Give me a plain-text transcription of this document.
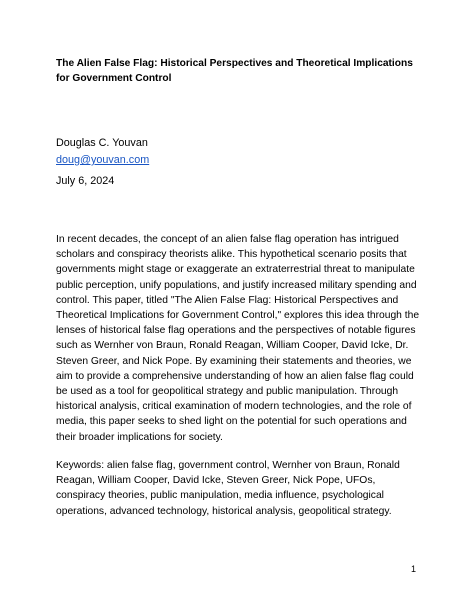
The Alien False Flag: Historical Perspectives and Theoretical Implications for Government Control
Douglas C. Youvan
doug@youvan.com
July 6, 2024
In recent decades, the concept of an alien false flag operation has intrigued scholars and conspiracy theorists alike. This hypothetical scenario posits that governments might stage or exaggerate an extraterrestrial threat to manipulate public perception, unify populations, and justify increased military spending and control. This paper, titled "The Alien False Flag: Historical Perspectives and Theoretical Implications for Government Control," explores this idea through the lenses of historical false flag operations and the perspectives of notable figures such as Wernher von Braun, Ronald Reagan, William Cooper, David Icke, Dr. Steven Greer, and Nick Pope. By examining their statements and theories, we aim to provide a comprehensive understanding of how an alien false flag could be used as a tool for geopolitical strategy and public manipulation. Through historical analysis, critical examination of modern technologies, and the role of media, this paper seeks to shed light on the potential for such operations and their broader implications for society.
Keywords: alien false flag, government control, Wernher von Braun, Ronald Reagan, William Cooper, David Icke, Steven Greer, Nick Pope, UFOs, conspiracy theories, public manipulation, media influence, psychological operations, advanced technology, historical analysis, geopolitical strategy.
1
